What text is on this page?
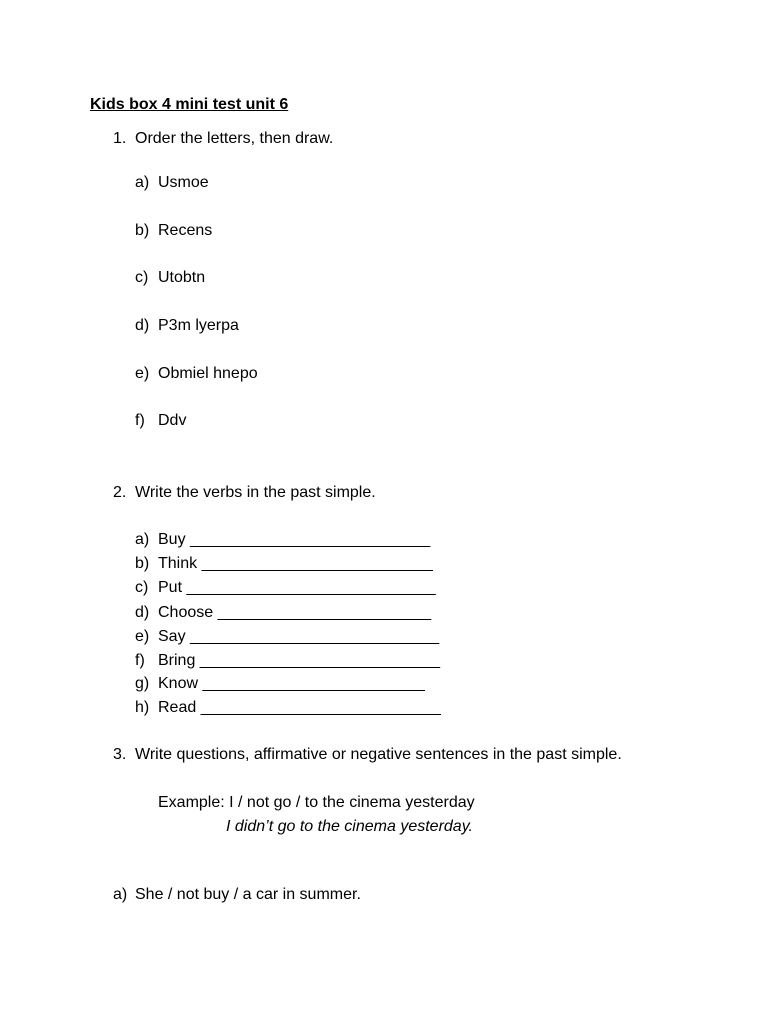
Kids box 4 mini test unit 6
1. Order the letters, then draw.
a) Usmoe
b) Recens
c) Utobtn
d) P3m lyerpa
e) Obmiel hnepo
f) Ddv
2. Write the verbs in the past simple.
a) Buy ___________________________
b) Think __________________________
c) Put ____________________________
d) Choose ________________________
e) Say ____________________________
f) Bring ___________________________
g) Know _________________________
h) Read ___________________________
3. Write questions, affirmative or negative sentences in the past simple.
Example: I / not go / to the cinema yesterday
I didn’t go to the cinema yesterday.
a) She / not buy / a car in summer.
